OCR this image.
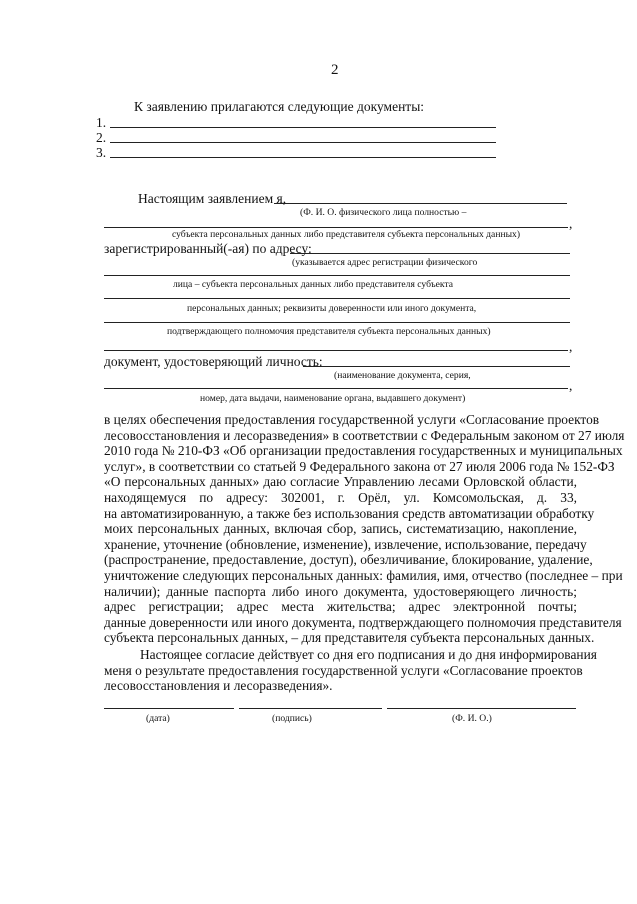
2
К заявлению прилагаются следующие документы:
1.
2.
3.
Настоящим заявлением я,
(Ф. И. О. физического лица полностью –
,
субъекта персональных данных либо представителя субъекта персональных данных)
зарегистрированный(-ая) по адресу:
(указывается адрес регистрации физического
лица – субъекта персональных данных либо представителя субъекта
персональных данных; реквизиты доверенности или иного документа,
подтверждающего полномочия представителя субъекта персональных данных)
,
документ, удостоверяющий личность:
(наименование документа, серия,
,
номер, дата выдачи, наименование органа, выдавшего документ)
в целях обеспечения предоставления государственной услуги «Согласование проектов
лесовосстановления и лесоразведения» в соответствии с Федеральным законом от 27 июля
2010 года № 210-ФЗ «Об организации предоставления государственных и муниципальных
услуг», в соответствии со статьей 9 Федерального закона от 27 июля 2006 года № 152-ФЗ
«О персональных данных» даю согласие Управлению лесами Орловской области,
находящемуся по адресу: 302001, г. Орёл, ул. Комсомольская, д. 33,
на автоматизированную, а также без использования средств автоматизации обработку
моих персональных данных, включая сбор, запись, систематизацию, накопление,
хранение, уточнение (обновление, изменение), извлечение, использование, передачу
(распространение, предоставление, доступ), обезличивание, блокирование, удаление,
уничтожение следующих персональных данных: фамилия, имя, отчество (последнее – при
наличии); данные паспорта либо иного документа, удостоверяющего личность;
адрес регистрации; адрес места жительства; адрес электронной почты;
данные доверенности или иного документа, подтверждающего полномочия представителя
субъекта персональных данных, – для представителя субъекта персональных данных.
Настоящее согласие действует со дня его подписания и до дня информирования
меня о результате предоставления государственной услуги «Согласование проектов
лесовосстановления и лесоразведения».
(дата)	(подпись)	(Ф. И. О.)
